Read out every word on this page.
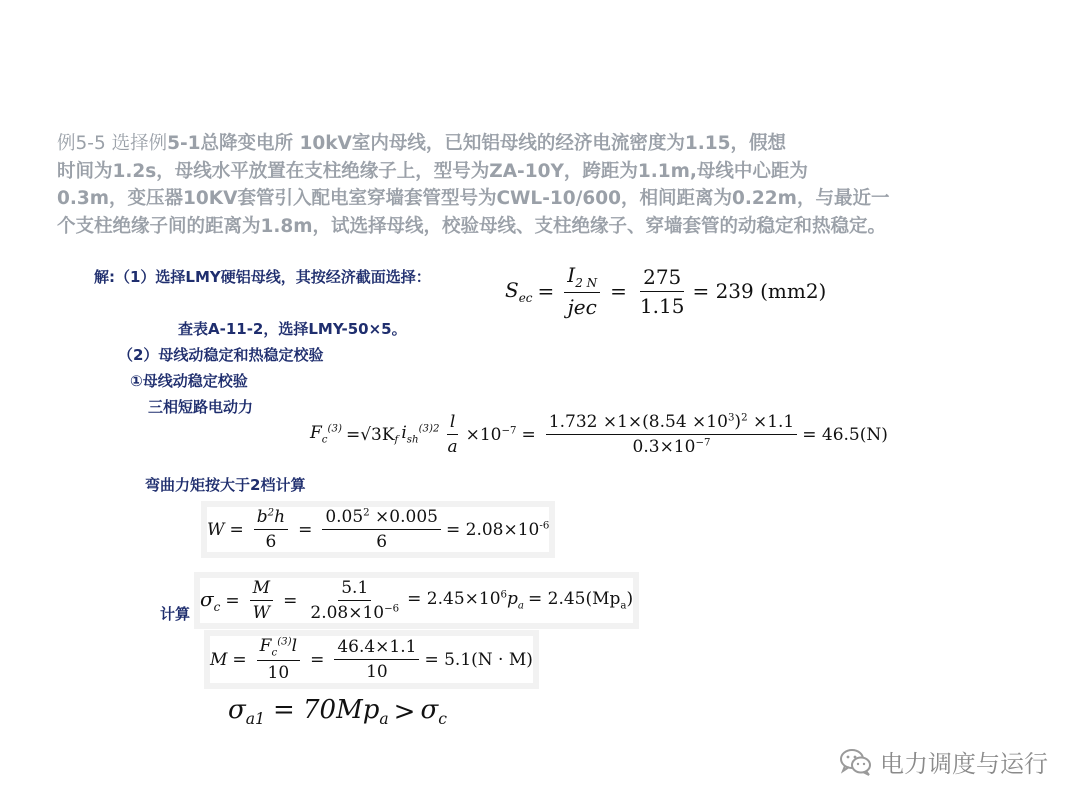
例5-5 选择例5-1总降变电所 10kV室内母线，已知铝母线的经济电流密度为1.15，假想
时间为1.2s，母线水平放置在支柱绝缘子上，型号为ZA-10Y，跨距为1.1m,母线中心距为
0.3m，变压器10KV套管引入配电室穿墙套管型号为CWL-10/600，相间距离为0.22m，与最近一
个支柱绝缘子间的距离为1.8m，试选择母线，校验母线、支柱绝缘子、穿墙套管的动稳定和热稳定。

解:（1）选择LMY硬铝母线，其按经济截面选择：
查表A-11-2，选择LMY-50×5。
（2）母线动稳定和热稳定校验
①母线动稳定校验
三相短路电动力
弯曲力矩按大于2档计算
计算
$S_{ec} = \frac{I_{2 N}}{\text{jec}} = \frac{275}{1.15} = 239$ (mm2)
$F_c^{(3)} =√3K$ $_f$ $i_{sh}^{(3)2} \frac{l}{a} \times 10^{-7} = \frac{1.732 \times 1\times(8.54 \times 10^3)^2 \times 1.1}{0.3\times 10^{-7}} = 46.5(N)$
$W = \frac{b^2h}{6} = \frac{0.05^2 \times 0.005}{6} = 2.08\times 10^{-6}$
$\sigma_c = \frac{M}{W} = \frac{5.1}{2.08\times 10^{-6}} = 2.45\times 10^6p_a = 2.45(Mp_a)$
$M = \frac{F_c^{(3)}l}{10} = \frac{46.4\times 1.1}{10} = 5.1(N \cdot M)$
$\sigma_{a1} = 70Mp_a > \sigma_c$
电力调度与运行
